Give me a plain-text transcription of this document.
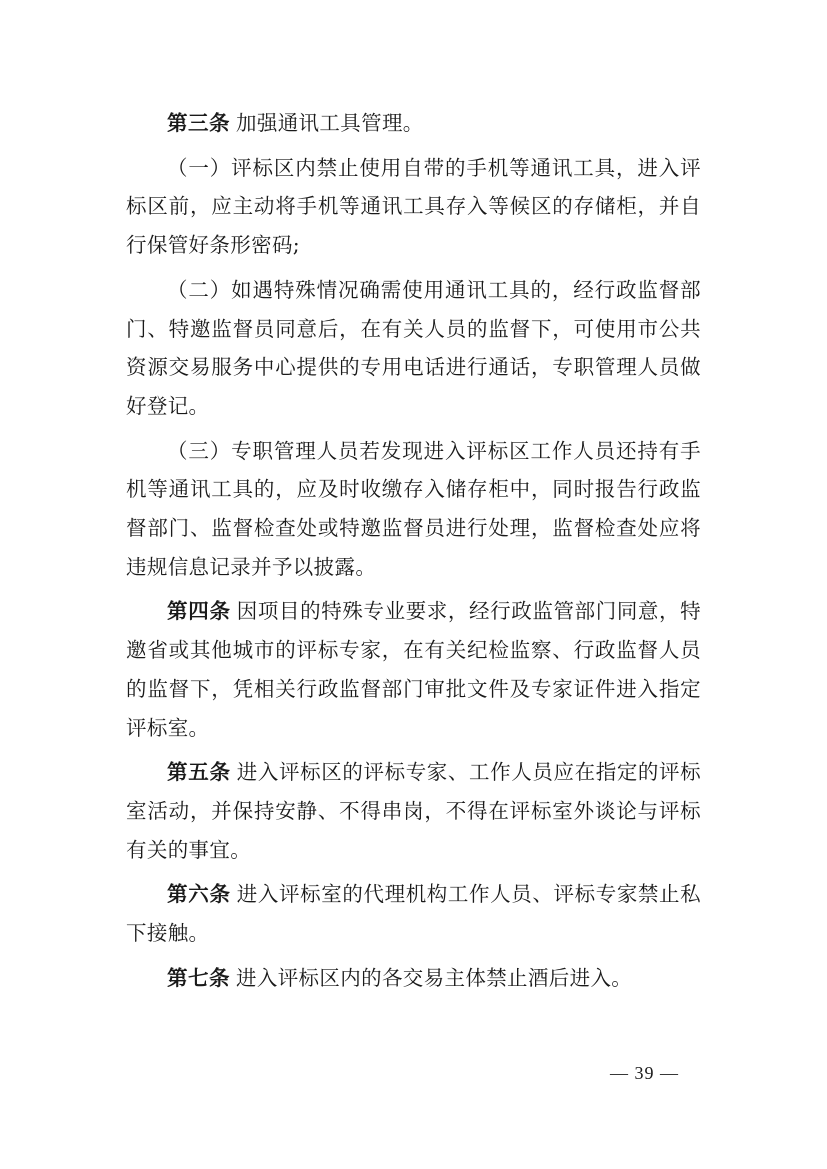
第三条 加强通讯工具管理。

（一）评标区内禁止使用自带的手机等通讯工具，进入评标区前，应主动将手机等通讯工具存入等候区的存储柜，并自行保管好条形密码;

（二）如遇特殊情况确需使用通讯工具的，经行政监督部门、特邀监督员同意后，在有关人员的监督下，可使用市公共资源交易服务中心提供的专用电话进行通话，专职管理人员做好登记。

（三）专职管理人员若发现进入评标区工作人员还持有手机等通讯工具的，应及时收缴存入储存柜中，同时报告行政监督部门、监督检查处或特邀监督员进行处理，监督检查处应将违规信息记录并予以披露。

第四条 因项目的特殊专业要求，经行政监管部门同意，特邀省或其他城市的评标专家，在有关纪检监察、行政监督人员的监督下，凭相关行政监督部门审批文件及专家证件进入指定评标室。

第五条 进入评标区的评标专家、工作人员应在指定的评标室活动，并保持安静、不得串岗，不得在评标室外谈论与评标有关的事宜。

第六条 进入评标室的代理机构工作人员、评标专家禁止私下接触。

第七条 进入评标区内的各交易主体禁止酒后进入。

— 39 —
